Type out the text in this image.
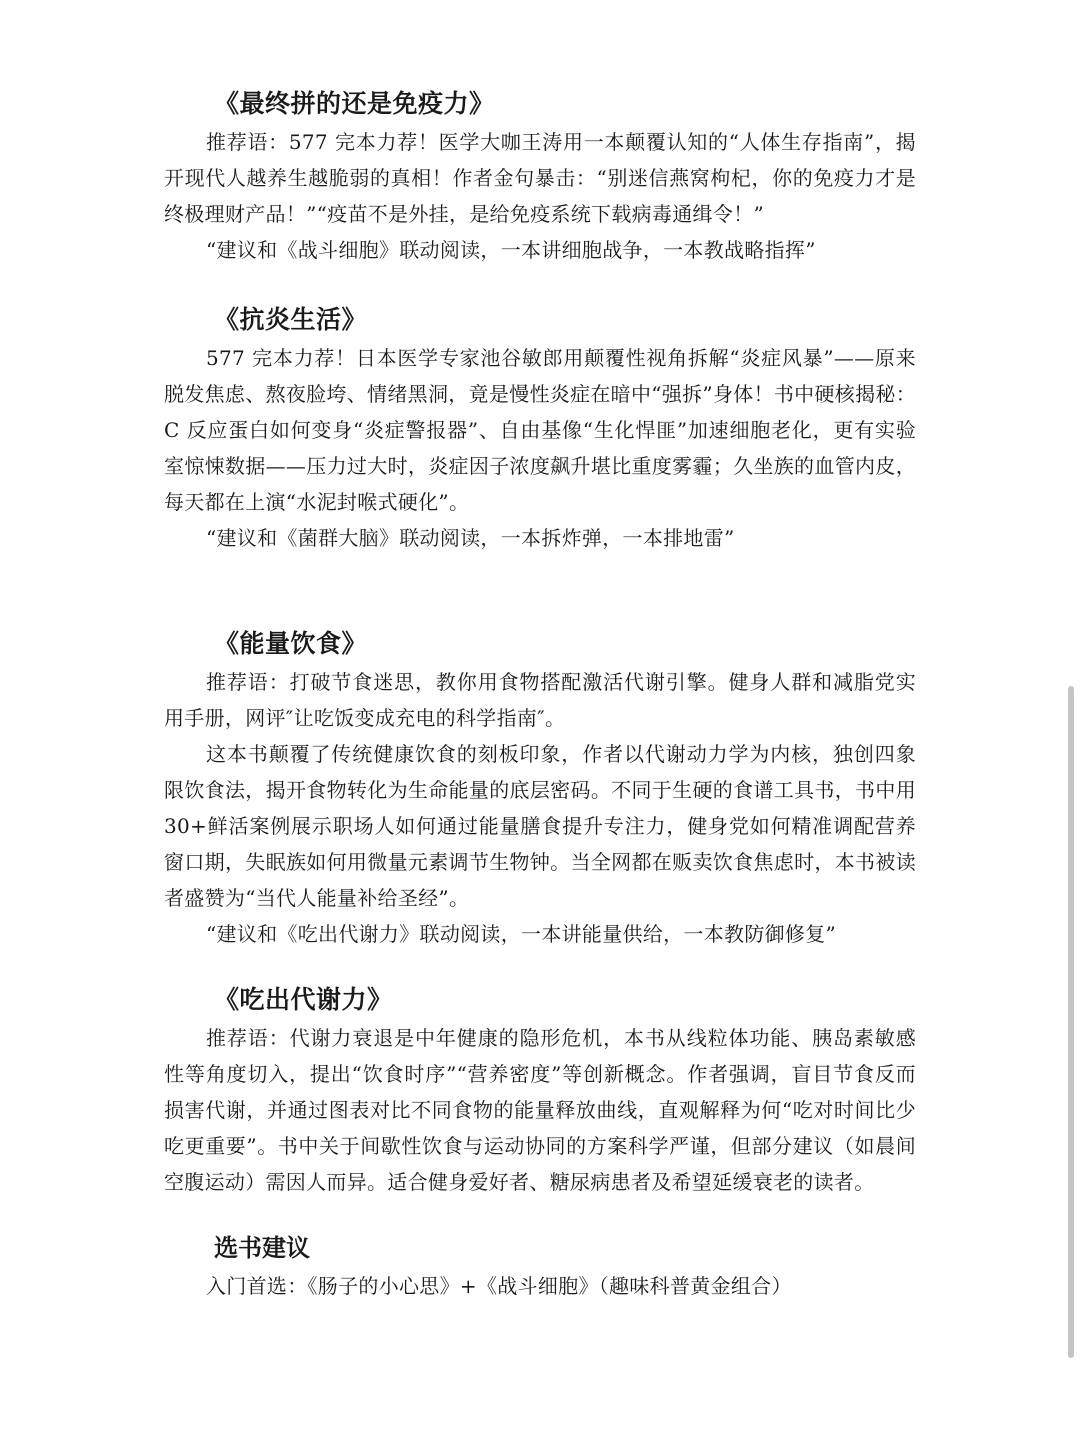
《最终拼的还是免疫力》

推荐语：577 完本力荐！医学大咖王涛用一本颠覆认知的“人体生存指南”，揭开现代人越养生越脆弱的真相！作者金句暴击：“别迷信燕窝枸杞，你的免疫力才是终极理财产品！”“疫苗不是外挂，是给免疫系统下载病毒通缉令！”

“建议和《战斗细胞》联动阅读，一本讲细胞战争，一本教战略指挥”

《抗炎生活》

577 完本力荐！日本医学专家池谷敏郎用颠覆性视角拆解“炎症风暴”——原来脱发焦虑、熬夜脸垮、情绪黑洞，竟是慢性炎症在暗中“强拆”身体！书中硬核揭秘：C 反应蛋白如何变身“炎症警报器”、自由基像“生化悍匪”加速细胞老化，更有实验室惊悚数据——压力过大时，炎症因子浓度飙升堪比重度雾霾；久坐族的血管内皮，每天都在上演“水泥封喉式硬化”。

“建议和《菌群大脑》联动阅读，一本拆炸弹，一本排地雷”

《能量饮食》

推荐语：打破节食迷思，教你用食物搭配激活代谢引擎。健身人群和减脂党实用手册，网评″让吃饭变成充电的科学指南″。

这本书颠覆了传统健康饮食的刻板印象，作者以代谢动力学为内核，独创四象限饮食法，揭开食物转化为生命能量的底层密码。不同于生硬的食谱工具书，书中用 30+鲜活案例展示职场人如何通过能量膳食提升专注力，健身党如何精准调配营养窗口期，失眠族如何用微量元素调节生物钟。当全网都在贩卖饮食焦虑时，本书被读者盛赞为“当代人能量补给圣经”。

“建议和《吃出代谢力》联动阅读，一本讲能量供给，一本教防御修复”

《吃出代谢力》

推荐语：代谢力衰退是中年健康的隐形危机，本书从线粒体功能、胰岛素敏感性等角度切入，提出“饮食时序”“营养密度”等创新概念。作者强调，盲目节食反而损害代谢，并通过图表对比不同食物的能量释放曲线，直观解释为何“吃对时间比少吃更重要”。书中关于间歇性饮食与运动协同的方案科学严谨，但部分建议（如晨间空腹运动）需因人而异。适合健身爱好者、糖尿病患者及希望延缓衰老的读者。

选书建议

入门首选：《肠子的小心思》+《战斗细胞》（趣味科普黄金组合）
